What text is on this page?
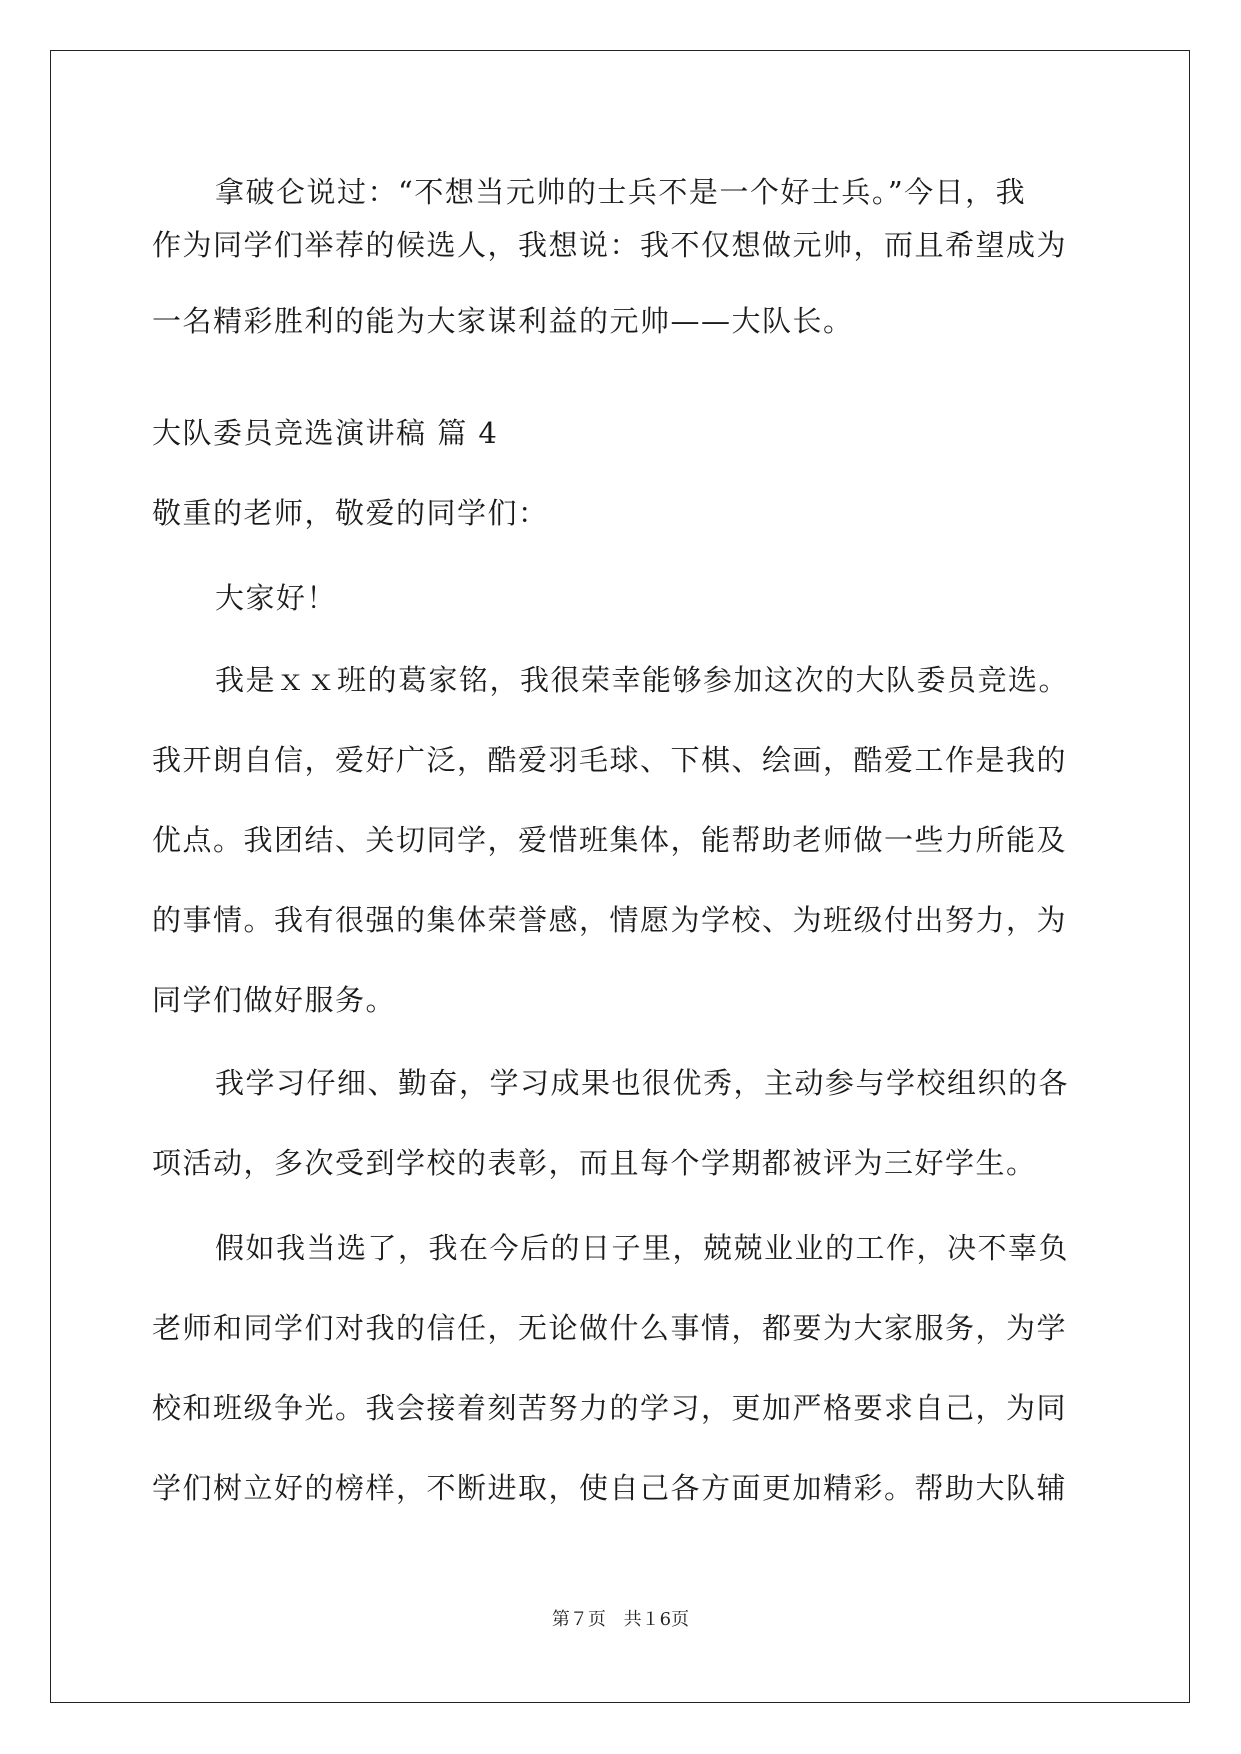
拿破仑说过：“不想当元帅的士兵不是一个好士兵。”今日，我
作为同学们举荐的候选人，我想说：我不仅想做元帅，而且希望成为
一名精彩胜利的能为大家谋利益的元帅——大队长。
大队委员竞选演讲稿 篇 4
敬重的老师，敬爱的同学们：
大家好！
我是ｘｘ班的葛家铭，我很荣幸能够参加这次的大队委员竞选。
我开朗自信，爱好广泛，酷爱羽毛球、下棋、绘画，酷爱工作是我的
优点。我团结、关切同学，爱惜班集体，能帮助老师做一些力所能及
的事情。我有很强的集体荣誉感，情愿为学校、为班级付出努力，为
同学们做好服务。
我学习仔细、勤奋，学习成果也很优秀，主动参与学校组织的各
项活动，多次受到学校的表彰，而且每个学期都被评为三好学生。
假如我当选了，我在今后的日子里，兢兢业业的工作，决不辜负
老师和同学们对我的信任，无论做什么事情，都要为大家服务，为学
校和班级争光。我会接着刻苦努力的学习，更加严格要求自己，为同
学们树立好的榜样，不断进取，使自己各方面更加精彩。帮助大队辅
第７页 共１6页
